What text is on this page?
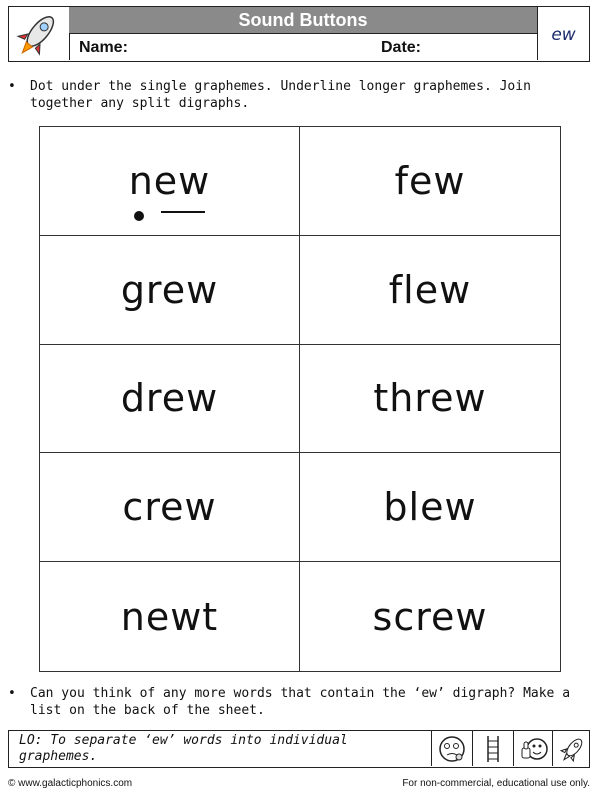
Sound Buttons
Name:	Date:
ew
• Dot under the single graphemes. Underline longer graphemes. Join together any split digraphs.
new	few
grew	flew
drew	threw
crew	blew
newt	screw
• Can you think of any more words that contain the ‘ew’ digraph? Make a list on the back of the sheet.
LO: To separate ‘ew’ words into individual graphemes.
© www.galacticphonics.com	For non-commercial, educational use only.
